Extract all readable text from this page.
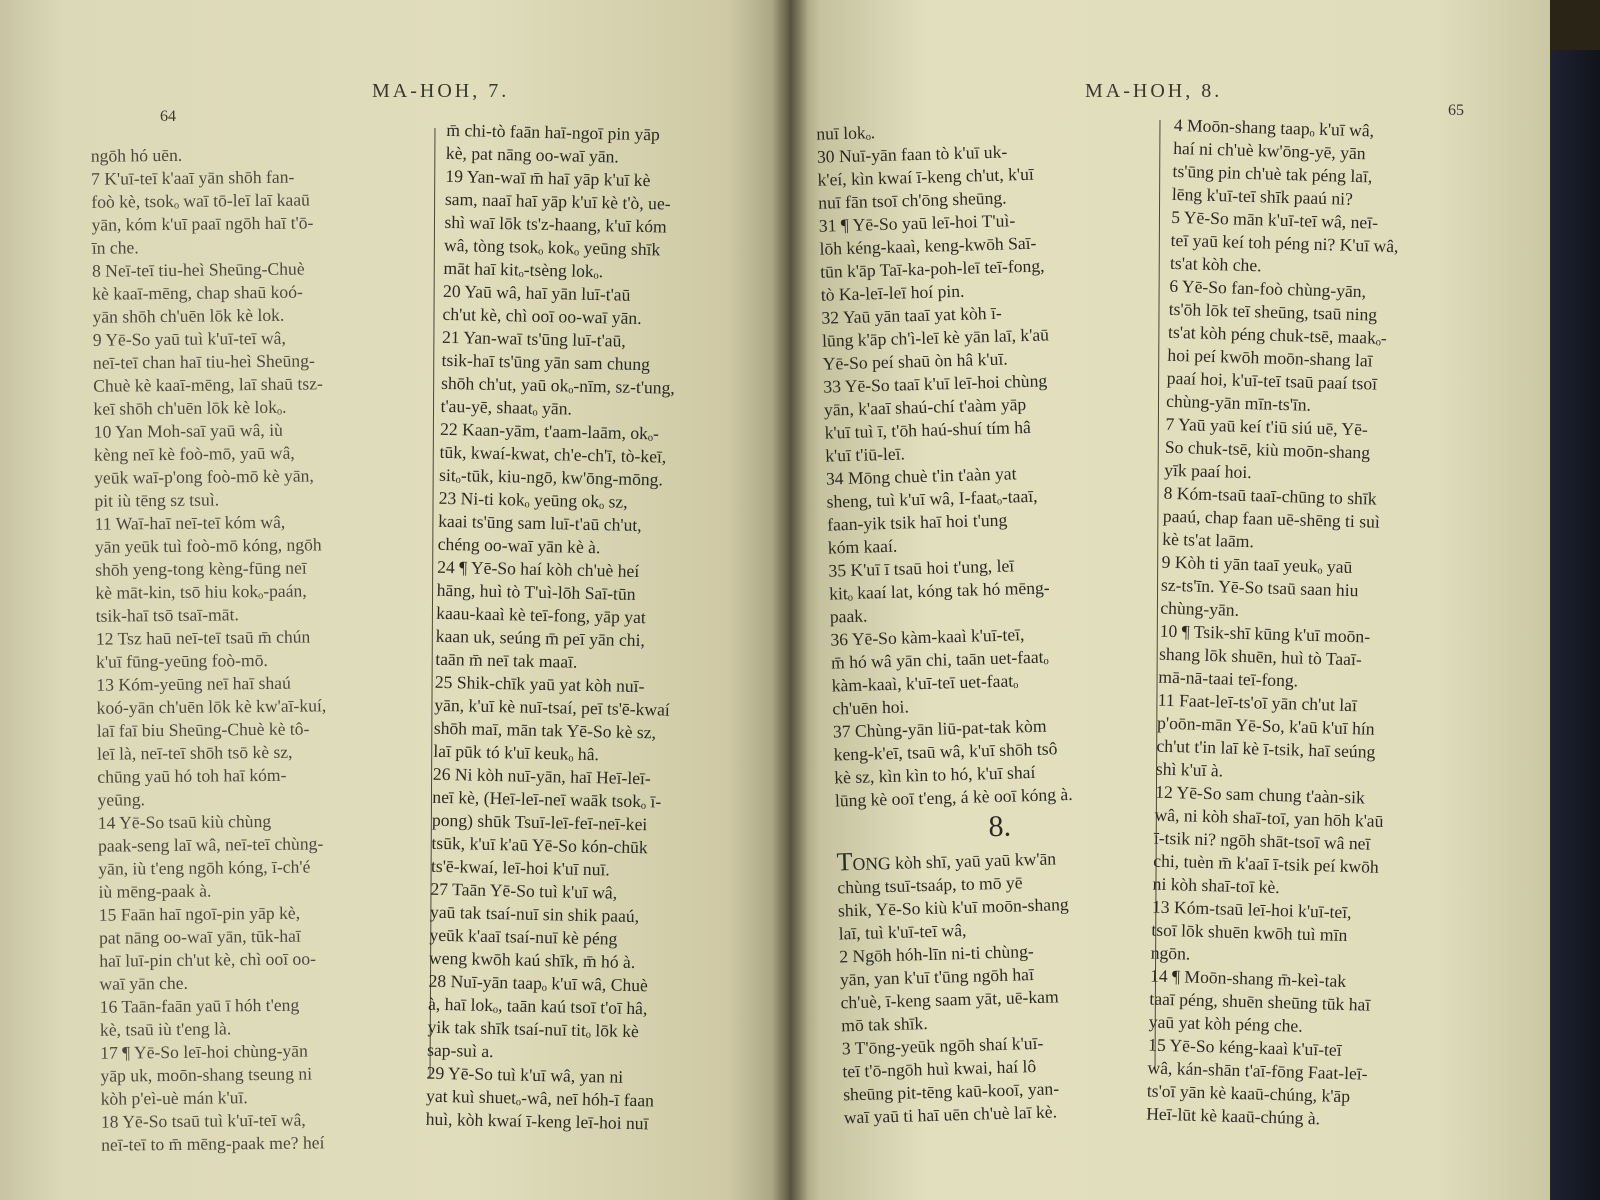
MA-HOH, 7.
64

ngōh hó uēn.
7 K'uī-teī k'aaī yān shōh fan-
foò kè, tsokₒ waī tō-leī laī kaaū
yān, kóm k'uī paaī ngōh haī t'ō-
īn che.
8 Neī-teī tiu-heì Sheūng-Chuè
kè kaaī-mēng, chap shaū koó-
yān shōh ch'uēn lōk kè lok.
9 Yē-So yaū tuì k'uī-teī wâ,
neī-teī chan haī tiu-heì Sheūng-
Chuè kè kaaī-mēng, laī shaū tsz-
keī shōh ch'uēn lōk kè lokₒ.
10 Yan Moh-saī yaū wâ, iù
kèng neī kè foò-mō, yaū wâ,
yeūk waī-p'ong foò-mō kè yān,
pit iù tēng sz tsuì.
11 Waī-haī neī-teī kóm wâ,
yān yeūk tuì foò-mō kóng, ngōh
shōh yeng-tong kèng-fūng neī
kè māt-kin, tsō hiu kokₒ-paán,
tsik-haī tsō tsaī-māt.
12 Tsz haū neī-teī tsaū m̄ chún
k'uī fūng-yeūng foò-mō.
13 Kóm-yeūng neī haī shaú
koó-yān ch'uēn lōk kè kw'aī-kuí,
laī faī biu Sheūng-Chuè kè tô-
leī là, neī-teī shōh tsō kè sz,
chūng yaū hó toh haī kóm-
yeūng.
14 Yē-So tsaū kiù chùng
paak-seng laī wâ, neī-teī chùng-
yān, iù t'eng ngōh kóng, ī-ch'é
iù mēng-paak à.
15 Faān haī ngoī-pin yāp kè,
pat nāng oo-waī yān, tūk-haī
haī luī-pin ch'ut kè, chì ooī oo-
waī yān che.
16 Taān-faān yaū ī hóh t'eng
kè, tsaū iù t'eng là.
17 ¶ Yē-So leī-hoi chùng-yān
yāp uk, moōn-shang tseung ni
kòh p'eì-uè mán k'uī.
18 Yē-So tsaū tuì k'uī-teī wâ,
neī-teī to m̄ mēng-paak me? heí

m̄ chi-tò faān haī-ngoī pin yāp
kè, pat nāng oo-waī yān.
19 Yan-waī m̄ haī yāp k'uī kè
sam, naaī haī yāp k'uī kè t'ò, ue-
shì waī lōk ts'z-haang, k'uī kóm
wâ, tòng tsokₒ kokₒ yeūng shīk
māt haī kitₒ-tsèng lokₒ.
20 Yaū wâ, haī yān luī-t'aū
ch'ut kè, chì ooī oo-waī yān.
21 Yan-waī ts'ūng luī-t'aū,
tsik-haī ts'ūng yān sam chung
shōh ch'ut, yaū okₒ-nīm, sz-t'ung,
t'au-yē, shaatₒ yān.
22 Kaan-yām, t'aam-laām, okₒ-
tūk, kwaí-kwat, ch'e-ch'ī, tò-keī,
sitₒ-tūk, kiu-ngō, kw'ōng-mōng.
23 Ni-ti kokₒ yeūng okₒ sz,
kaai ts'ūng sam luī-t'aū ch'ut,
chéng oo-waī yān kè à.
24 ¶ Yē-So haí kòh ch'uè heí
hāng, huì tò T'uì-lōh Saī-tūn
kaau-kaaì kè teī-fong, yāp yat
kaan uk, seúng m̄ peī yān chi,
taān m̄ neī tak maaī.
25 Shik-chīk yaū yat kòh nuī-
yān, k'uī kè nuī-tsaí, peī ts'ē-kwaí
shōh maī, mān tak Yē-So kè sz,
laī pūk tó k'uī keukₒ hâ.
26 Ni kòh nuī-yān, haī Heī-leī-
neī kè, (Heī-leī-neī waāk tsokₒ ī-
pong) shūk Tsuī-leī-feī-neī-kei
tsūk, k'uī k'aū Yē-So kón-chūk
ts'ē-kwaí, leī-hoi k'uī nuī.
27 Taān Yē-So tuì k'uī wâ,
yaū tak tsaí-nuī sin shik paaú,
yeūk k'aaī tsaí-nuī kè péng
weng kwōh kaú shīk, m̄ hó à.
28 Nuī-yān taapₒ k'uī wâ, Chuè
à, haī lokₒ, taān kaú tsoī t'oī hâ,
yik tak shīk tsaí-nuī titₒ lōk kè
sap-suì a.
29 Yē-So tuì k'uī wâ, yan ni
yat kuì shuetₒ-wâ, neī hóh-ī faan
huì, kòh kwaí ī-keng leī-hoi nuī

MA-HOH, 8.
65

nuī lokₒ.
30 Nuī-yān faan tò k'uī uk-
k'eí, kìn kwaí ī-keng ch'ut, k'uī
nuī fān tsoī ch'ōng sheūng.
31 ¶ Yē-So yaū leī-hoi T'uì-
lōh kéng-kaaì, keng-kwōh Saī-
tūn k'āp Taī-ka-poh-leī teī-fong,
tò Ka-leī-leī hoí pin.
32 Yaū yān taaī yat kòh ī-
lūng k'āp ch'ì-leī kè yān laī, k'aū
Yē-So peí shaū òn hâ k'uī.
33 Yē-So taaī k'uī leī-hoi chùng
yān, k'aaī shaú-chí t'aàm yāp
k'uī tuì ī, t'ōh haú-shuí tím hâ
k'uī t'iū-leī.
34 Mōng chuè t'in t'aàn yat
sheng, tuì k'uī wâ, I-faatₒ-taaī,
faan-yik tsik haī hoi t'ung
kóm kaaí.
35 K'uī ī tsaū hoi t'ung, leī
kitₒ kaaí lat, kóng tak hó mēng-
paak.
36 Yē-So kàm-kaaì k'uī-teī,
m̄ hó wâ yān chi, taān uet-faatₒ
kàm-kaaì, k'uī-teī uet-faatₒ
ch'uēn hoi.
37 Chùng-yān liū-pat-tak kòm
keng-k'eī, tsaū wâ, k'uī shōh tsô
kè sz, kìn kìn to hó, k'uī shaí
lūng kè ooī t'eng, á kè ooī kóng à.

8.

TONG kòh shī, yaū yaū kw'ān
chùng tsuī-tsaáp, to mō yē
shik, Yē-So kiù k'uī moōn-shang
laī, tuì k'uī-teī wâ,
2 Ngōh hóh-līn ni-ti chùng-
yān, yan k'uī t'ūng ngōh haī
ch'uè, ī-keng saam yāt, uē-kam
mō tak shīk.
3 T'ōng-yeūk ngōh shaí k'uī-
teī t'ō-ngōh huì kwai, haí lô
sheūng pit-tēng kaū-kooī, yan-
waī yaū ti haī uēn ch'uè laī kè.

4 Moōn-shang taapₒ k'uī wâ,
haí ni ch'uè kw'ōng-yē, yān
ts'ūng pin ch'uè tak péng laī,
lēng k'uī-teī shīk paaú ni?
5 Yē-So mān k'uī-teī wâ, neī-
teī yaū keí toh péng ni? K'uī wâ,
ts'at kòh che.
6 Yē-So fan-foò chùng-yān,
ts'ōh lōk teī sheūng, tsaū ning
ts'at kòh péng chuk-tsē, maakₒ-
hoi peí kwōh moōn-shang laī
paaí hoi, k'uī-teī tsaū paaí tsoī
chùng-yān mīn-ts'īn.
7 Yaū yaū keí t'iū siú uē, Yē-
So chuk-tsē, kiù moōn-shang
yīk paaí hoi.
8 Kóm-tsaū taaī-chūng to shīk
paaú, chap faan uē-shēng ti suì
kè ts'at laām.
9 Kòh ti yān taaī yeukₒ yaū
sz-ts'īn. Yē-So tsaū saan hiu
chùng-yān.
10 ¶ Tsik-shī kūng k'uī moōn-
shang lōk shuēn, huì tò Taaī-
mā-nā-taai teī-fong.
11 Faat-leī-ts'oī yān ch'ut laī
p'oōn-mān Yē-So, k'aū k'uī hín
ch'ut t'in laī kè ī-tsik, haī seúng
shì k'uī à.
12 Yē-So sam chung t'aàn-sik
wâ, ni kòh shaī-toī, yan hōh k'aū
ī-tsik ni? ngōh shāt-tsoī wâ neī
chi, tuèn m̄ k'aaī ī-tsik peí kwōh
ni kòh shaī-toī kè.
13 Kóm-tsaū leī-hoi k'uī-teī,
tsoī lōk shuēn kwōh tuì mīn
ngōn.
14 ¶ Moōn-shang m̄-keì-tak
taaī péng, shuēn sheūng tūk haī
yaū yat kòh péng che.
15 Yē-So kéng-kaaì k'uī-teī
wâ, kán-shān t'aī-fōng Faat-leī-
ts'oī yān kè kaaū-chúng, k'āp
Heī-lūt kè kaaū-chúng à.
